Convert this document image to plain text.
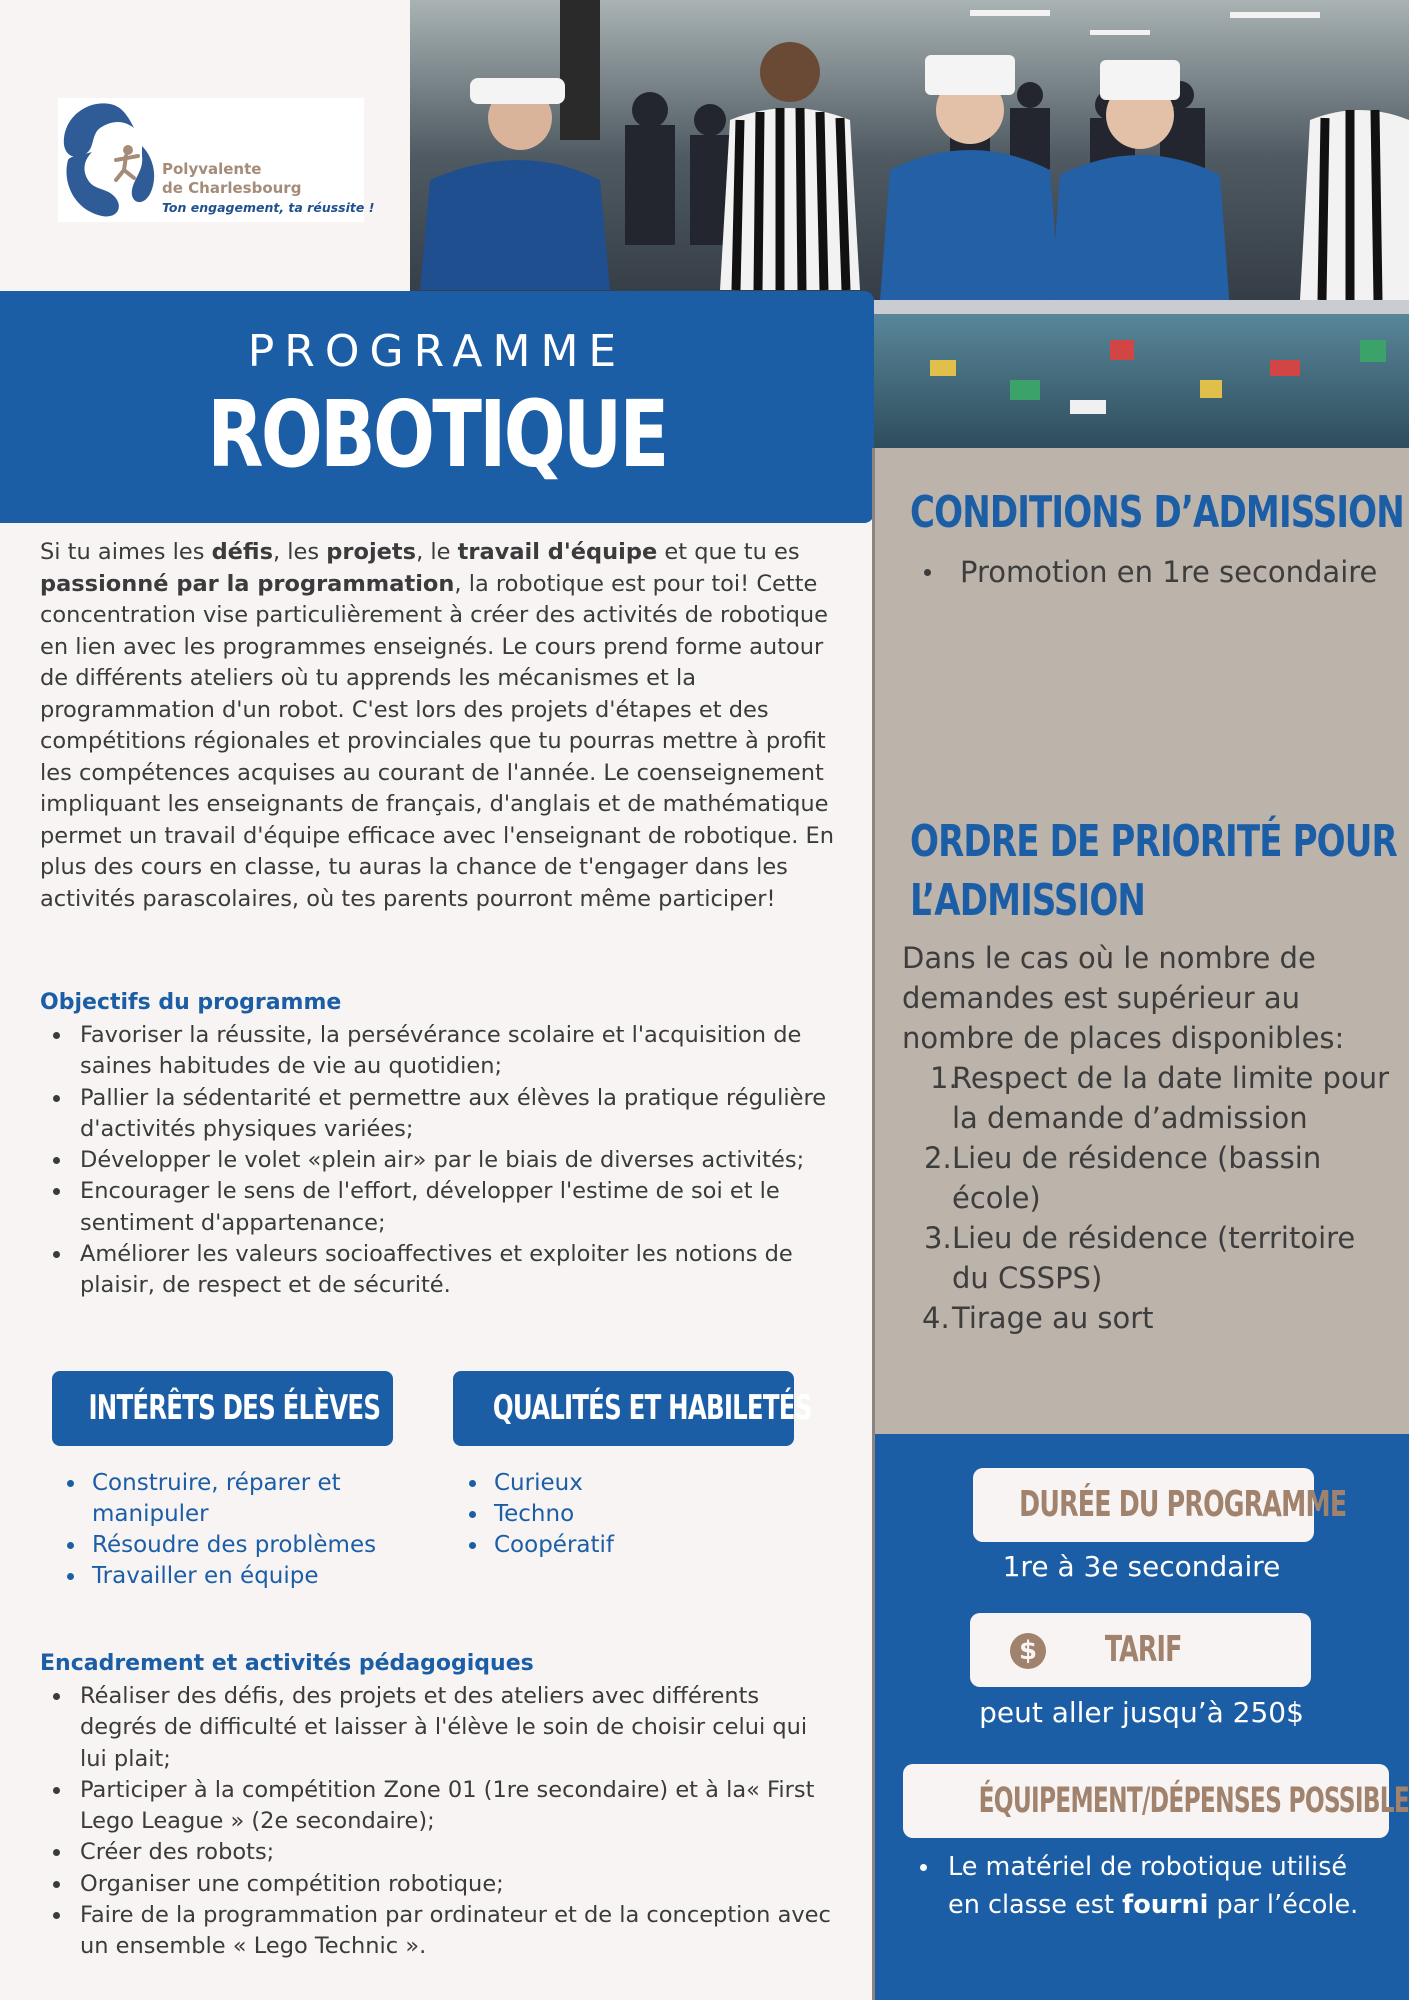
Polyvalente
de Charlesbourg
Ton engagement, ta réussite !
PROGRAMME
ROBOTIQUE
CONDITIONS D’ADMISSION
Promotion en 1re secondaire
ORDRE DE PRIORITÉ POUR
L’ADMISSION
Dans le cas où le nombre de demandes est supérieur au nombre de places disponibles:
1.
Respect de la date limite pour la demande d’admission
2. Lieu de résidence (bassin école)
3. Lieu de résidence (territoire du CSSPS)
4. Tirage au sort
DURÉE DU PROGRAMME
1re à 3e secondaire
$ TARIF
peut aller jusqu’à 250$
ÉQUIPEMENT/DÉPENSES POSSIBLE
Le matériel de robotique utilisé en classe est fourni par l’école.
Si tu aimes les défis, les projets, le travail d'équipe et que tu es passionné par la programmation, la robotique est pour toi! Cette concentration vise particulièrement à créer des activités de robotique en lien avec les programmes enseignés. Le cours prend forme autour de différents ateliers où tu apprends les mécanismes et la programmation d'un robot. C'est lors des projets d'étapes et des compétitions régionales et provinciales que tu pourras mettre à profit les compétences acquises au courant de l'année. Le coenseignement impliquant les enseignants de français, d'anglais et de mathématique permet un travail d'équipe efficace avec l'enseignant de robotique. En plus des cours en classe, tu auras la chance de t'engager dans les activités parascolaires, où tes parents pourront même participer!
Objectifs du programme
Favoriser la réussite, la persévérance scolaire et l'acquisition de saines habitudes de vie au quotidien;
Pallier la sédentarité et permettre aux élèves la pratique régulière d'activités physiques variées;
Développer le volet «plein air» par le biais de diverses activités;
Encourager le sens de l'effort, développer l'estime de soi et le sentiment d'appartenance;
Améliorer les valeurs socioaffectives et exploiter les notions de plaisir, de respect et de sécurité.
INTÉRÊTS DES ÉLÈVES	QUALITÉS ET HABILETÉS
Construire, réparer et manipuler
Résoudre des problèmes
Travailler en équipe
Curieux
Techno
Coopératif
Encadrement et activités pédagogiques
Réaliser des défis, des projets et des ateliers avec différents degrés de difficulté et laisser à l'élève le soin de choisir celui qui lui plait;
Participer à la compétition Zone 01 (1re secondaire) et à la« First Lego League » (2e secondaire);
Créer des robots;
Organiser une compétition robotique;
Faire de la programmation par ordinateur et de la conception avec un ensemble « Lego Technic ».
